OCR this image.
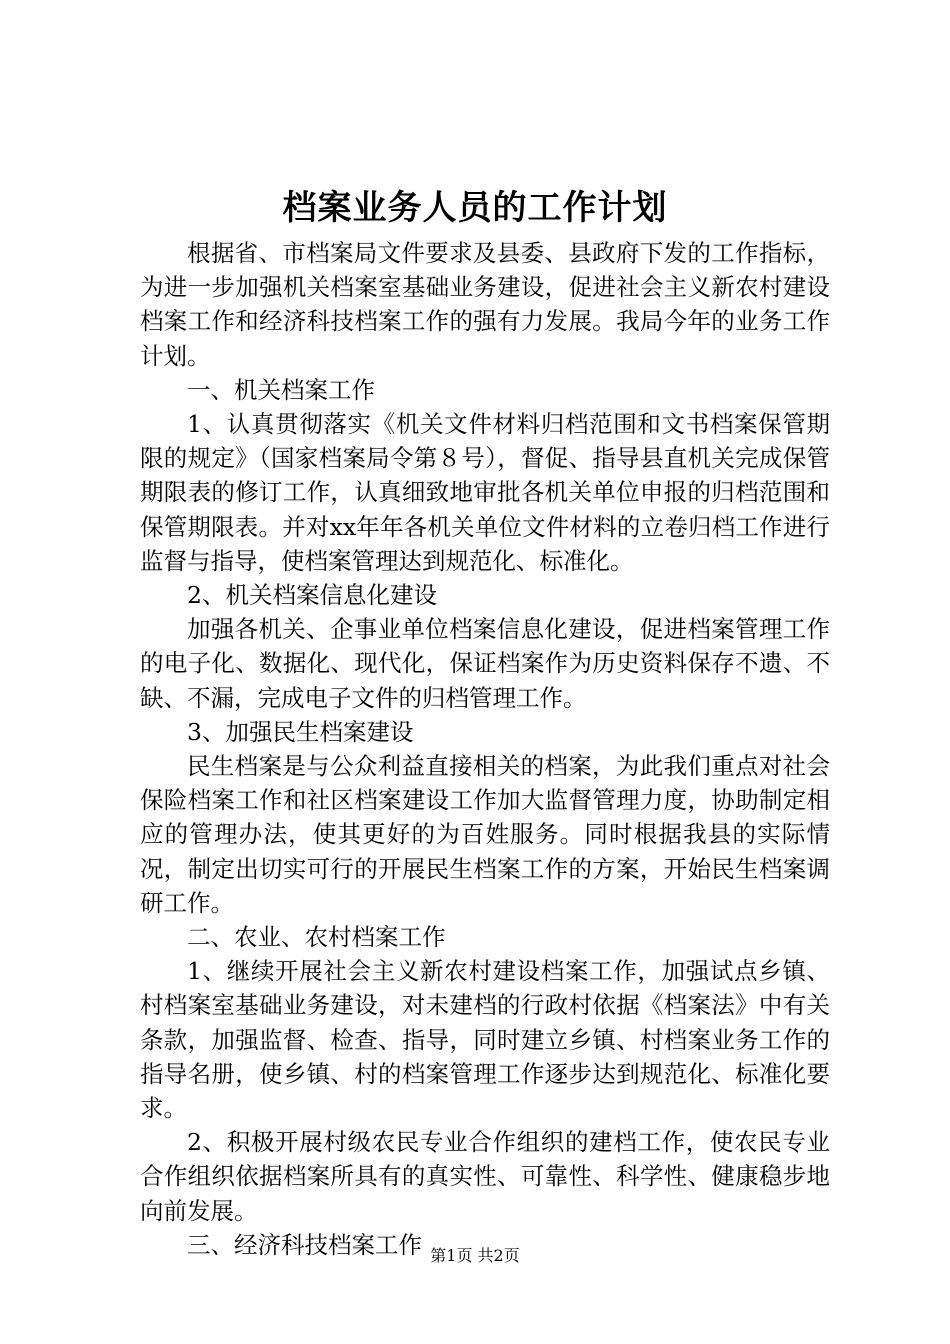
档案业务人员的工作计划

根据省、市档案局文件要求及县委、县政府下发的工作指标，为进一步加强机关档案室基础业务建设，促进社会主义新农村建设档案工作和经济科技档案工作的强有力发展。我局今年的业务工作计划。

一、机关档案工作

1、认真贯彻落实《机关文件材料归档范围和文书档案保管期限的规定》（国家档案局令第８号），督促、指导县直机关完成保管期限表的修订工作，认真细致地审批各机关单位申报的归档范围和保管期限表。并对xx年年各机关单位文件材料的立卷归档工作进行监督与指导，使档案管理达到规范化、标准化。

2、机关档案信息化建设

加强各机关、企事业单位档案信息化建设，促进档案管理工作的电子化、数据化、现代化，保证档案作为历史资料保存不遗、不缺、不漏，完成电子文件的归档管理工作。

3、加强民生档案建设

民生档案是与公众利益直接相关的档案，为此我们重点对社会保险档案工作和社区档案建设工作加大监督管理力度，协助制定相应的管理办法，使其更好的为百姓服务。同时根据我县的实际情况，制定出切实可行的开展民生档案工作的方案，开始民生档案调研工作。

二、农业、农村档案工作

1、继续开展社会主义新农村建设档案工作，加强试点乡镇、村档案室基础业务建设，对未建档的行政村依据《档案法》中有关条款，加强监督、检查、指导，同时建立乡镇、村档案业务工作的指导名册，使乡镇、村的档案管理工作逐步达到规范化、标准化要求。

2、积极开展村级农民专业合作组织的建档工作，使农民专业合作组织依据档案所具有的真实性、可靠性、科学性、健康稳步地向前发展。

三、经济科技档案工作 第1页 共2页
